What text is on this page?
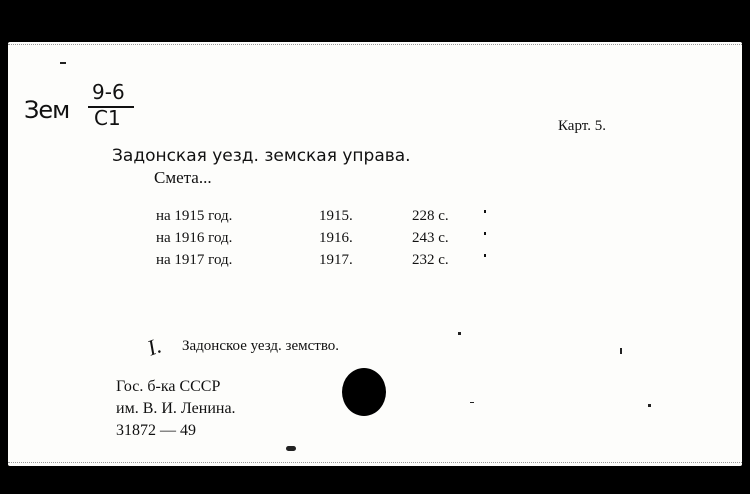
Зем
9-6
С1	Карт. 5.
Задонская уезд. земская управа.
Смета...
на 1915 год.	1915.	228 с.
на 1916 год.	1916.	243 с.
на 1917 год.	1917.	232 с.
I. Задонское уезд. земство.
Гос. б-ка СССР
им. В. И. Ленина.
31872 — 49
